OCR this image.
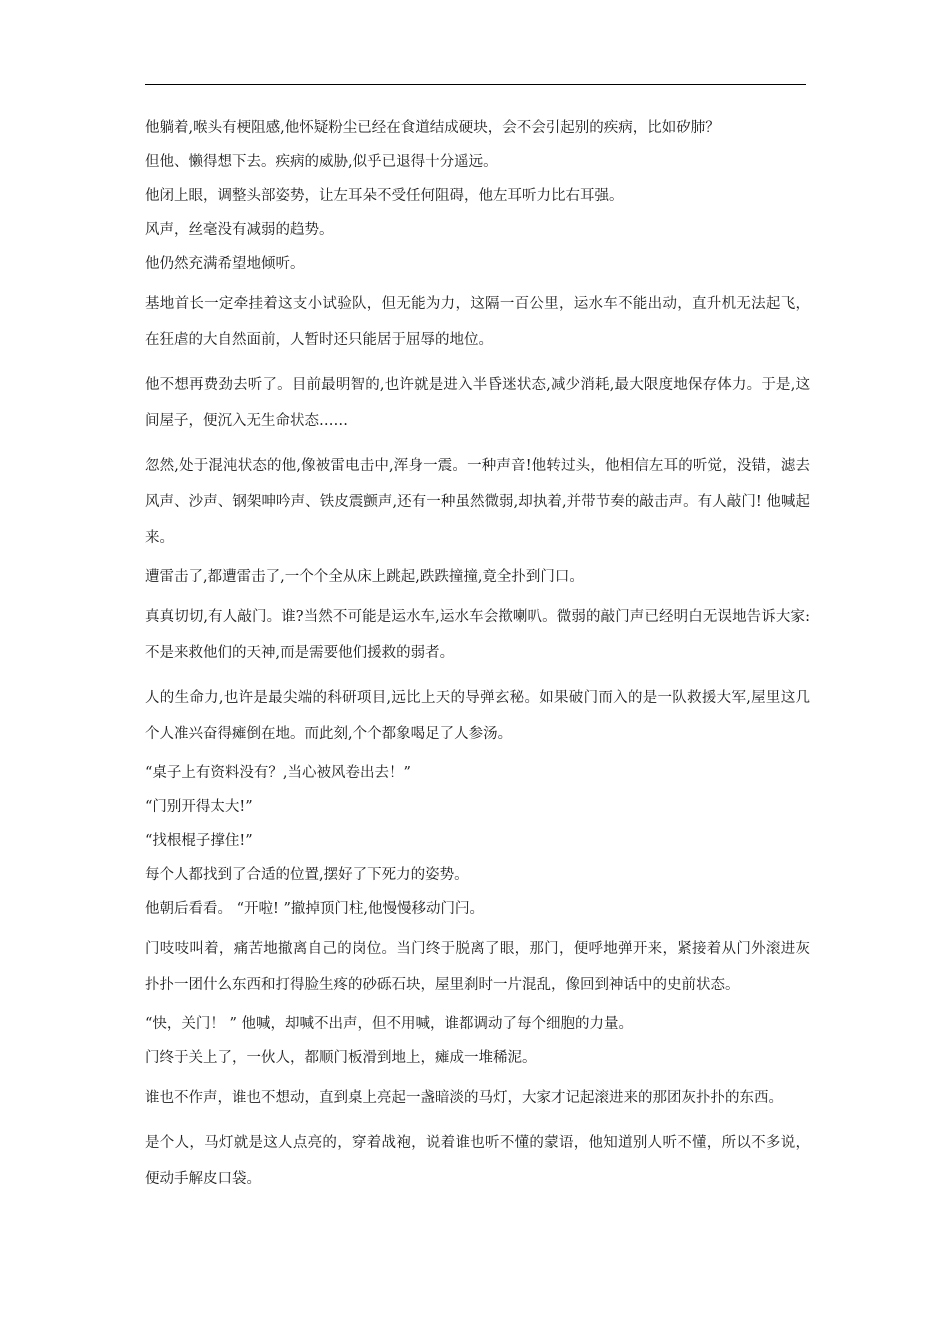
他躺着,喉头有梗阻感,他怀疑粉尘已经在食道结成硬块，会不会引起别的疾病，比如矽肺？

但他、懒得想下去。疾病的威胁,似乎已退得十分遥远。

他闭上眼，调整头部姿势，让左耳朵不受任何阻碍，他左耳听力比右耳强。

风声，丝毫没有减弱的趋势。

他仍然充满希望地倾听。

基地首长一定牵挂着这支小试验队，但无能为力，这隔一百公里，运水车不能出动，直升机无法起飞，在狂虐的大自然面前，人暂时还只能居于屈辱的地位。

他不想再费劲去听了。目前最明智的,也许就是进入半昏迷状态,减少消耗,最大限度地保存体力。于是,这间屋子，便沉入无生命状态……

忽然,处于混沌状态的他,像被雷电击中,浑身一震。一种声音!他转过头，他相信左耳的听觉，没错，滤去风声、沙声、钢架呻吟声、铁皮震颤声,还有一种虽然微弱,却执着,并带节奏的敲击声。有人敲门! 他喊起来。

遭雷击了,都遭雷击了,一个个全从床上跳起,跌跌撞撞,竟全扑到门口。

真真切切,有人敲门。谁?当然不可能是运水车,运水车会揿喇叭。微弱的敲门声已经明白无误地告诉大家:不是来救他们的天神,而是需要他们援救的弱者。

人的生命力,也许是最尖端的科研项目,远比上天的导弹玄秘。如果破门而入的是一队救援大军,屋里这几个人准兴奋得瘫倒在地。而此刻,个个都象喝足了人参汤。

“桌子上有资料没有？,当心被风卷出去！”

“门别开得太大!”

“找根棍子撑住!”

每个人都找到了合适的位置,摆好了下死力的姿势。

他朝后看看。 “开啦! ”撤掉顶门柱,他慢慢移动门闩。

门吱吱叫着，痛苦地撤离自己的岗位。当门终于脱离了眼，那门，便呼地弹开来，紧接着从门外滚进灰扑扑一团什么东西和打得脸生疼的砂砾石块，屋里刹时一片混乱，像回到神话中的史前状态。

“快，关门！ ” 他喊，却喊不出声，但不用喊，谁都调动了每个细胞的力量。

门终于关上了，一伙人，都顺门板滑到地上，瘫成一堆稀泥。

谁也不作声，谁也不想动，直到桌上亮起一盏暗淡的马灯，大家才记起滚进来的那团灰扑扑的东西。

是个人，马灯就是这人点亮的，穿着战袍，说着谁也听不懂的蒙语，他知道别人听不懂，所以不多说，便动手解皮口袋。
